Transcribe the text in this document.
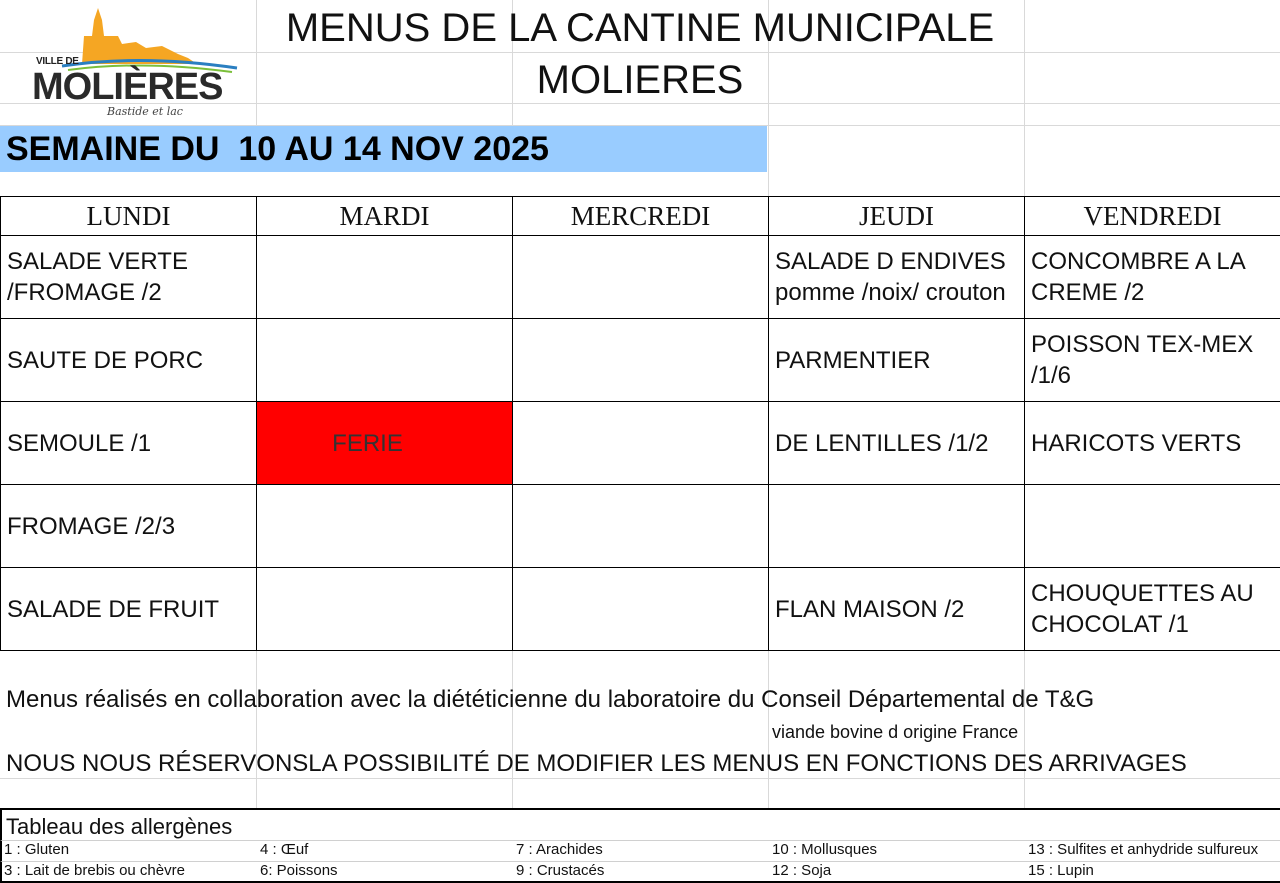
VILLE DE
MOLIÈRES
Bastide et lac
MENUS DE LA CANTINE MUNICIPALE
MOLIERES
SEMAINE DU  10 AU 14 NOV 2025
LUNDI	MARDI	MERCREDI	JEUDI	VENDREDI
SALADE VERTE /FROMAGE /2			SALADE D ENDIVES pomme /noix/ crouton	CONCOMBRE A LA CREME /2
SAUTE DE PORC			PARMENTIER	POISSON TEX-MEX /1/6
SEMOULE /1	FERIE		DE LENTILLES /1/2	HARICOTS VERTS
FROMAGE /2/3				
SALADE DE FRUIT			FLAN MAISON /2	CHOUQUETTES AU CHOCOLAT /1
Menus réalisés en collaboration avec la diététicienne du laboratoire du Conseil Départemental de T&G
viande bovine d origine France
NOUS NOUS RÉSERVONSLA POSSIBILITÉ DE MODIFIER LES MENUS EN FONCTIONS DES ARRIVAGES
Tableau des allergènes
1 : Gluten	4 : Œuf	7 : Arachides	10 : Mollusques	13 : Sulfites et anhydride sulfureux
3 : Lait de brebis ou chèvre	6: Poissons	9 : Crustacés	12 : Soja	15 : Lupin
